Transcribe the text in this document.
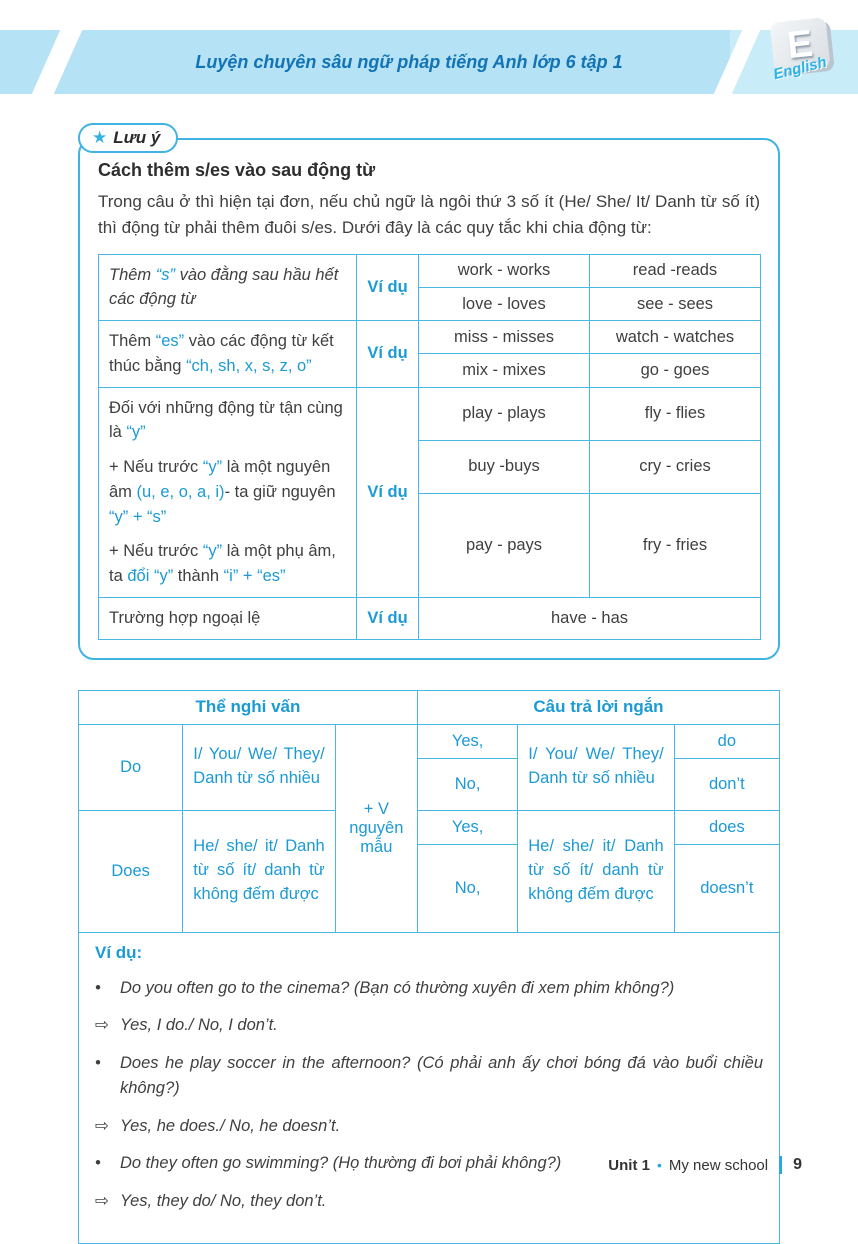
Luyện chuyên sâu ngữ pháp tiếng Anh lớp 6 tập 1	E
English
★ Lưu ý
Cách thêm s/es vào sau động từ

Trong câu ở thì hiện tại đơn, nếu chủ ngữ là ngôi thứ 3 số ít (He/ She/ It/ Danh từ số ít) thì động từ phải thêm đuôi s/es. Dưới đây là các quy tắc khi chia động từ:

Thêm “s” vào đằng sau hầu hết các động từ	Ví dụ	work - works	read -reads
		love - loves	see - sees

Thêm “es” vào các động từ kết thúc bằng “ch, sh, x, s, z, o”	Ví dụ	miss - misses	watch - watches
		mix - mixes	go - goes

Đối với những động từ tận cùng là “y”

+ Nếu trước “y” là một nguyên âm (u, e, o, a, i)- ta giữ nguyên “y” + “s”

+ Nếu trước “y” là một phụ âm, ta đổi “y” thành “i” + “es”	Ví dụ	play - plays	fly - flies
		buy -buys	cry - cries
		pay - pays	fry - fries

Trường hợp ngoại lệ	Ví dụ	have - has	
Thể nghi vấn			Câu trả lời ngắn		
Do	I/ You/ We/ They/ Danh từ số nhiều	+ V nguyên mẫu	Yes,	I/ You/ We/ They/ Danh từ số nhiều	do
			No,		don’t
Does	He/ she/ it/ Danh từ số ít/ danh từ không đếm được		Yes,	He/ she/ it/ Danh từ số ít/ danh từ không đếm được	does
			No,		doesn’t
Ví dụ:
•	Do you often go to the cinema? (Bạn có thường xuyên đi xem phim không?)
⇨ Yes, I do./ No, I don’t.
•	Does he play soccer in the afternoon? (Có phải anh ấy chơi bóng đá vào buổi chiều không?)
⇨ Yes, he does./ No, he doesn’t.
•	Do they often go swimming? (Họ thường đi bơi phải không?)
⇨ Yes, they do/ No, they don’t.
Unit 1 • My new school 9
